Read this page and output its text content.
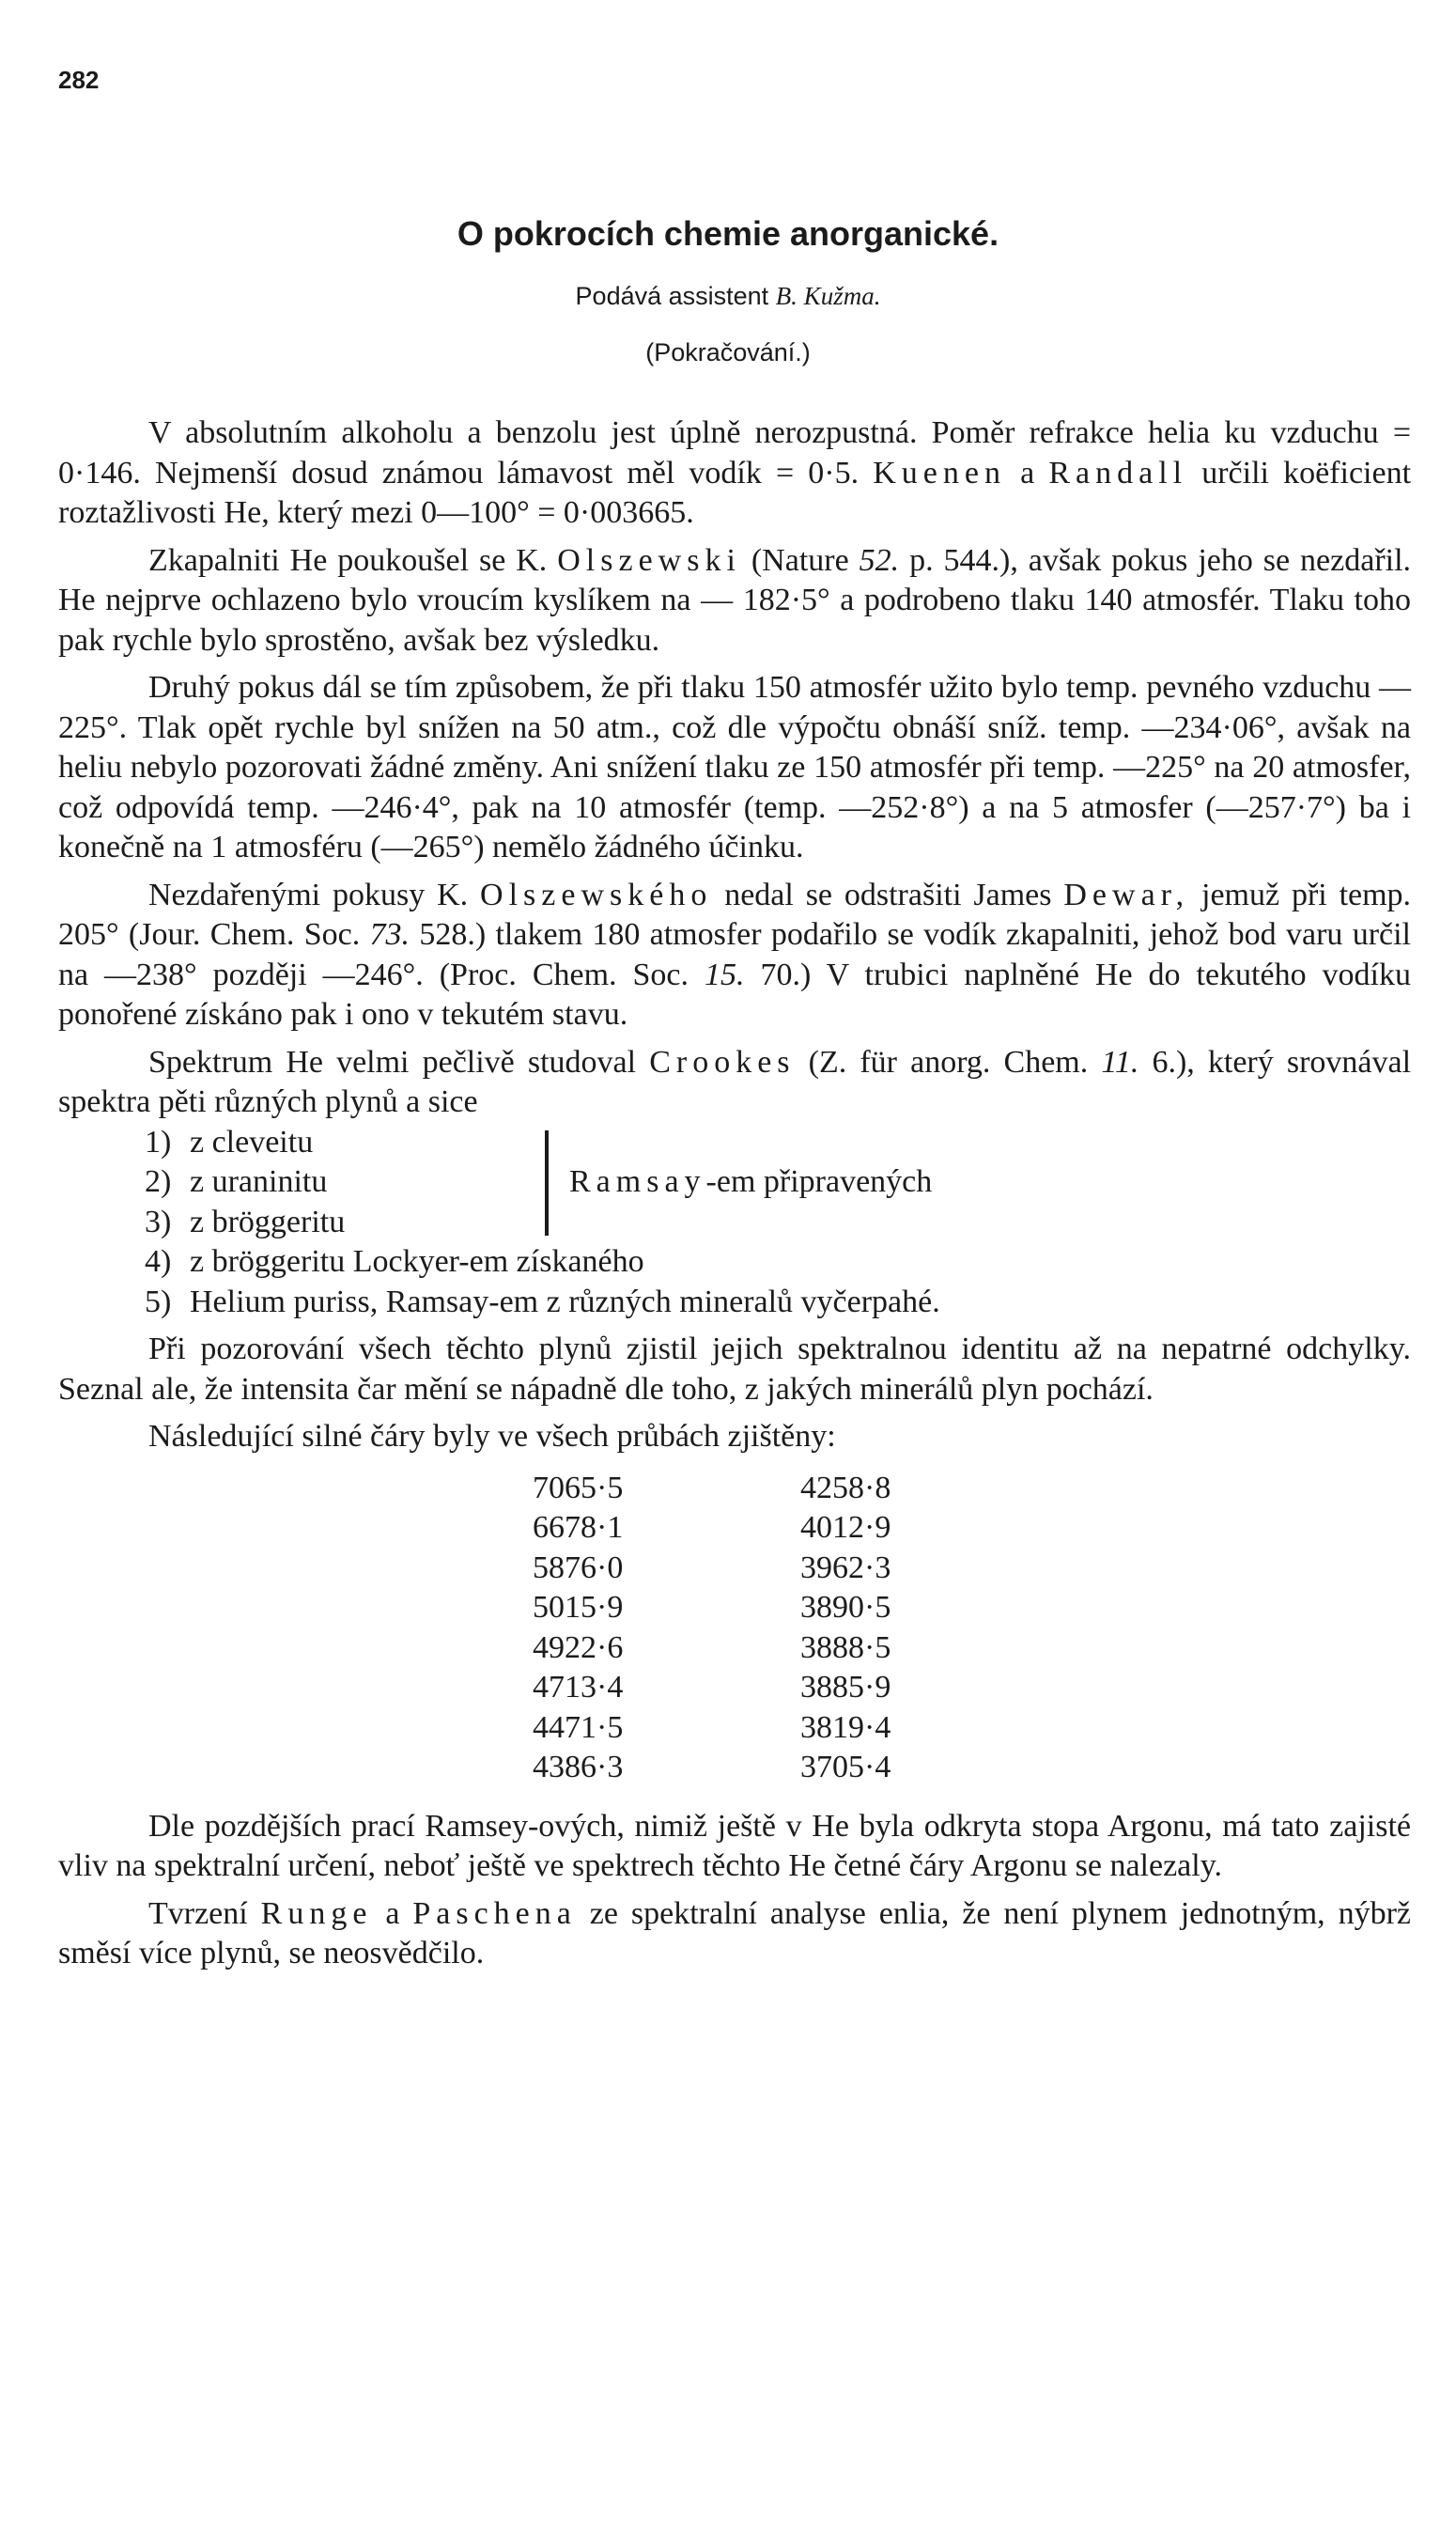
282
O pokrocích chemie anorganické.
Podává assistent B. Kužma.
(Pokračování.)

V absolutním alkoholu a benzolu jest úplně nerozpustná. Poměr refrakce helia ku vzduchu = 0·146. Nejmenší dosud známou lámavost měl vodík = 0·5. Kuenen a Randall určili koëficient roztažlivosti He, který mezi 0—100° = 0·003665.

Zkapalniti He poukoušel se K. Olszewski (Nature 52. p. 544.), avšak pokus jeho se nezdařil. He nejprve ochlazeno bylo vroucím kyslíkem na — 182·5° a podrobeno tlaku 140 atmosfér. Tlaku toho pak rychle bylo sprostěno, avšak bez výsledku.

Druhý pokus dál se tím způsobem, že při tlaku 150 atmosfér užito bylo temp. pevného vzduchu —225°. Tlak opět rychle byl snížen na 50 atm., což dle výpočtu obnáší sníž. temp. —234·06°, avšak na heliu nebylo pozorovati žádné změny. Ani snížení tlaku ze 150 atmosfér při temp. —225° na 20 atmosfer, což odpovídá temp. —246·4°, pak na 10 atmosfér (temp. —252·8°) a na 5 atmosfer (—257·7°) ba i konečně na 1 atmosféru (—265°) nemělo žádného účinku.

Nezdařenými pokusy K. Olszewského nedal se odstrašiti James Dewar, jemuž při temp. 205° (Jour. Chem. Soc. 73. 528.) tlakem 180 atmosfer podařilo se vodík zkapalniti, jehož bod varu určil na —238° později —246°. (Proc. Chem. Soc. 15. 70.) V trubici naplněné He do tekutého vodíku ponořené získáno pak i ono v tekutém stavu.

Spektrum He velmi pečlivě studoval Crookes (Z. für anorg. Chem. 11. 6.), který srovnával spektra pěti různých plynů a sice

1) z cleveitu
2) z uraninitu
3) z bröggeritu
Ramsay-em připravených
4) z bröggeritu Lockyer-em získaného
5) Helium puriss, Ramsay-em z různých mineralů vyčerpahé.

Při pozorování všech těchto plynů zjistil jejich spektralnou identitu až na nepatrné odchylky. Seznal ale, že intensita čar mění se nápadně dle toho, z jakých minerálů plyn pochází.

Následující silné čáry byly ve všech průbách zjištěny:

7065·5	4258·8
6678·1	4012·9
5876·0	3962·3
5015·9	3890·5
4922·6	3888·5
4713·4	3885·9
4471·5	3819·4
4386·3	3705·4

Dle pozdějších prací Ramsey-ových, nimiž ještě v He byla odkryta stopa Argonu, má tato zajisté vliv na spektralní určení, neboť ještě ve spektrech těchto He četné čáry Argonu se nalezaly.

Tvrzení Runge a Paschena ze spektralní analyse enlia, že není plynem jednotným, nýbrž směsí více plynů, se neosvědčilo.
